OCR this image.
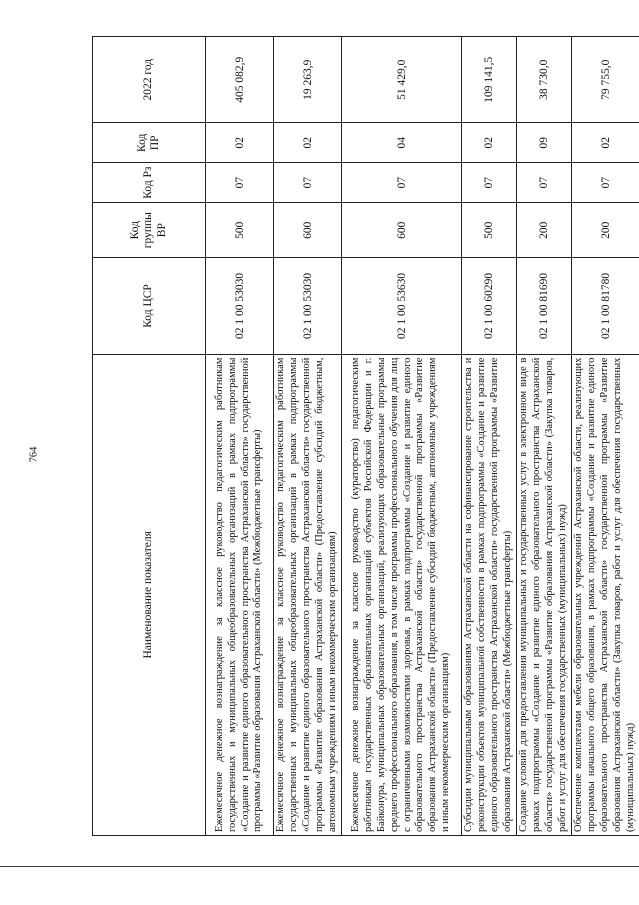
764
Наименование показателя	Код ЦСР	Код группы ВР	Код Рз	Код ПР	2022 год
Ежемесячное денежное вознаграждение за классное руководство педагогическим работникам государственных и муниципальных общеобразовательных организаций в рамках подпрограммы «Создание и развитие единого образовательного пространства Астраханской области» государственной программы «Развитие образования Астраханской области» (Межбюджетные трансферты)	02 1 00 53030	500	07	02	405 082,9
Ежемесячное денежное вознаграждение за классное руководство педагогическим работникам государственных и муниципальных общеобразовательных организаций в рамках подпрограммы «Создание и развитие единого образовательного пространства Астраханской области» государственной программы «Развитие образования Астраханской области» (Предоставление субсидий бюджетным, автономным учреждениям и иным некоммерческим организациям)	02 1 00 53030	600	07	02	19 263,9
Ежемесячное денежное вознаграждение за классное руководство (кураторство) педагогическим работникам государственных образовательных организаций субъектов Российской Федерации и г. Байконура, муниципальных образовательных организаций, реализующих образовательные программы среднего профессионального образования, в том числе программы профессионального обучения для лиц с ограниченными возможностями здоровья, в рамках подпрограммы «Создание и развитие единого образовательного пространства Астраханской области» государственной программы «Развитие образования Астраханской области» (Предоставление субсидий бюджетным, автономным учреждениям и иным некоммерческим организациям)	02 1 00 53630	600	07	04	51 429,0
Субсидии муниципальным образованиям Астраханской области на софинансирование строительства и реконструкции объектов муниципальной собственности в рамках подпрограммы «Создание и развитие единого образовательного пространства Астраханской области» государственной программы «Развитие образования Астраханской области» (Межбюджетные трансферты)	02 1 00 60290	500	07	02	109 141,5
Создание условий для предоставления муниципальных и государственных услуг в электронном виде в рамках подпрограммы «Создание и развитие единого образовательного пространства Астраханской области» государственной программы «Развитие образования Астраханской области» (Закупка товаров, работ и услуг для обеспечения государственных (муниципальных) нужд)	02 1 00 81690	200	07	09	38 730,0
Обеспечение комплектами мебели образовательных учреждений Астраханской области, реализующих программы начального общего образования, в рамках подпрограммы «Создание и развитие единого образовательного пространства Астраханской области» государственной программы «Развитие образования Астраханской области» (Закупка товаров, работ и услуг для обеспечения государственных (муниципальных) нужд)	02 1 00 81780	200	07	02	79 755,0
